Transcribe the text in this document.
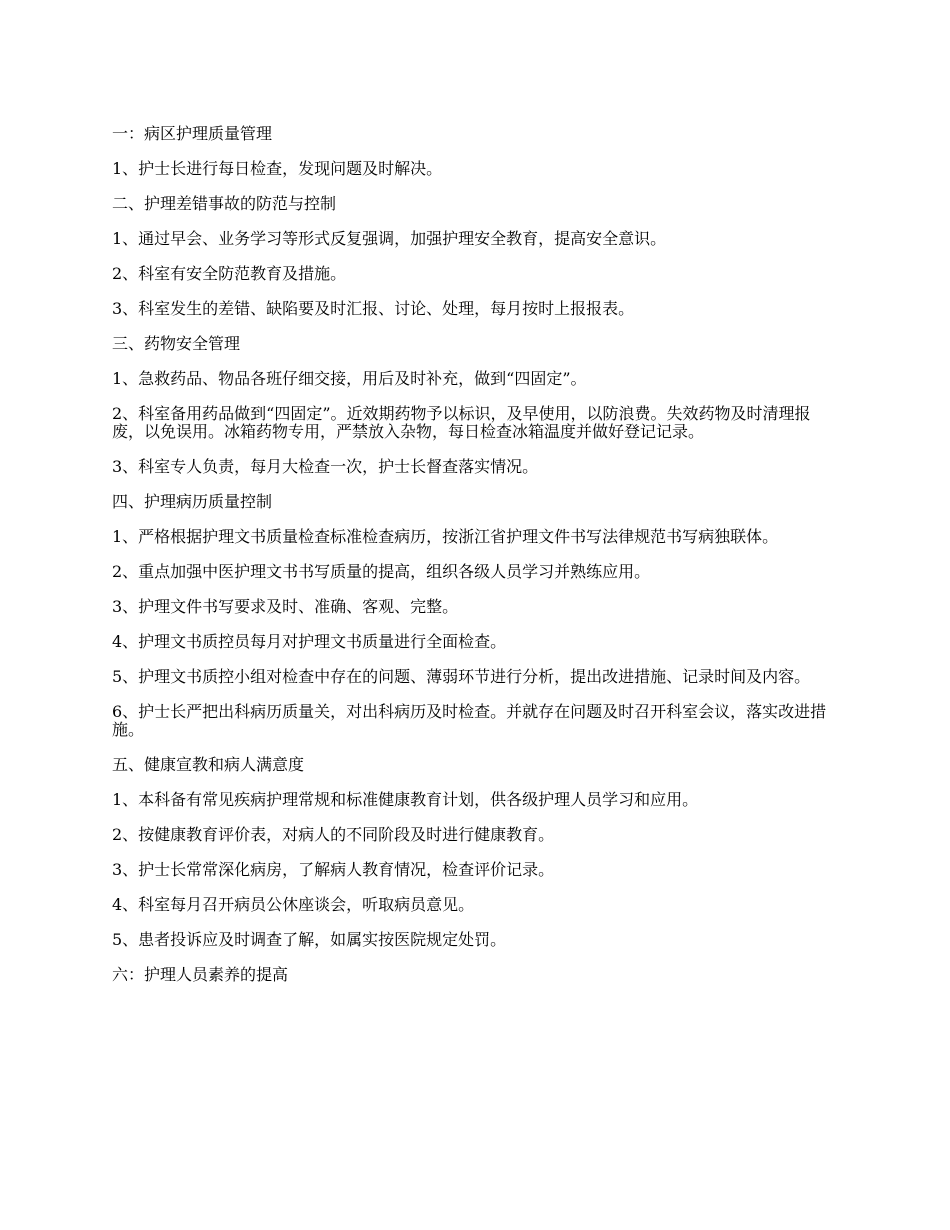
一：病区护理质量管理

1、护士长进行每日检查，发现问题及时解决。

二、护理差错事故的防范与控制

1、通过早会、业务学习等形式反复强调，加强护理安全教育，提高安全意识。

2、科室有安全防范教育及措施。

3、科室发生的差错、缺陷要及时汇报、讨论、处理，每月按时上报报表。

三、药物安全管理

1、急救药品、物品各班仔细交接，用后及时补充，做到“四固定”。

2、科室备用药品做到“四固定”。近效期药物予以标识，及早使用，以防浪费。失效药物及时清理报废，以免误用。冰箱药物专用，严禁放入杂物，每日检查冰箱温度并做好登记记录。

3、科室专人负责，每月大检查一次，护士长督查落实情况。

四、护理病历质量控制

1、严格根据护理文书质量检查标准检查病历，按浙江省护理文件书写法律规范书写病独联体。

2、重点加强中医护理文书书写质量的提高，组织各级人员学习并熟练应用。

3、护理文件书写要求及时、准确、客观、完整。

4、护理文书质控员每月对护理文书质量进行全面检查。

5、护理文书质控小组对检查中存在的问题、薄弱环节进行分析，提出改进措施、记录时间及内容。

6、护士长严把出科病历质量关，对出科病历及时检查。并就存在问题及时召开科室会议，落实改进措施。

五、健康宣教和病人满意度

1、本科备有常见疾病护理常规和标准健康教育计划，供各级护理人员学习和应用。

2、按健康教育评价表，对病人的不同阶段及时进行健康教育。

3、护士长常常深化病房，了解病人教育情况，检查评价记录。

4、科室每月召开病员公休座谈会，听取病员意见。

5、患者投诉应及时调查了解，如属实按医院规定处罚。

六：护理人员素养的提高
